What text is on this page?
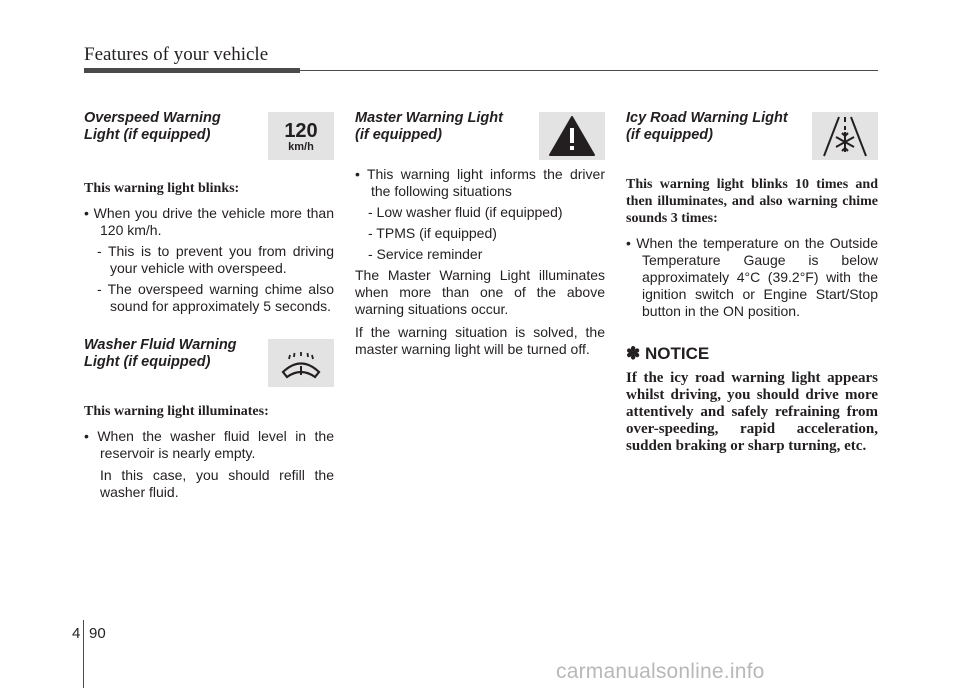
Features of your vehicle
Overspeed Warning
Light (if equipped)	120
km/h
This warning light blinks:
• When you drive the vehicle more than 120 km/h.
- This is to prevent you from driving your vehicle with overspeed.
- The overspeed warning chime also sound for approximately 5 seconds.
Washer Fluid Warning
Light (if equipped)
This warning light illuminates:
• When the washer fluid level in the reservoir is nearly empty.
In this case, you should refill the washer fluid.
Master Warning Light
(if equipped)
• This warning light informs the driver the following situations
- Low washer fluid (if equipped)
- TPMS (if equipped)
- Service reminder
The Master Warning Light illuminates when more than one of the above warning situations occur.
If the warning situation is solved, the master warning light will be turned off.
Icy Road Warning Light
(if equipped)
This warning light blinks 10 times and then illuminates, and also warning chime sounds 3 times:
• When the temperature on the Outside Temperature Gauge is below approximately 4°C (39.2°F) with the ignition switch or Engine Start/Stop button in the ON position.
✽ NOTICE
If the icy road warning light appears whilst driving, you should drive more attentively and safely refraining from over-speeding, rapid acceleration, sudden braking or sharp turning, etc.
4 90
carmanualsonline.info
